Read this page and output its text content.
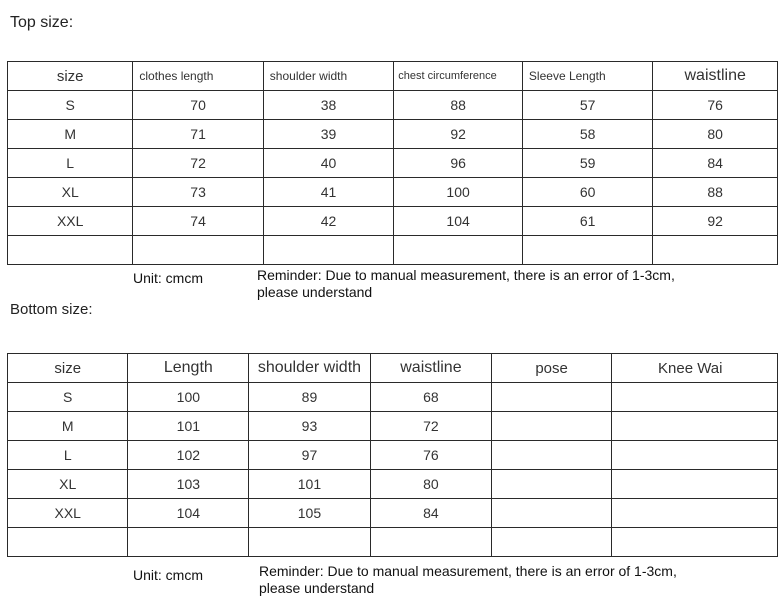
Top size:
size	clothes length	shoulder width	chest circumference	Sleeve Length	waistline
S	70	38	88	57	76
M	71	39	92	58	80
L	72	40	96	59	84
XL	73	41	100	60	88
XXL	74	42	104	61	92

Unit: cmcm	Reminder: Due to manual measurement, there is an error of 1-3cm, please understand
Bottom size:
size	Length	shoulder width	waistline	pose	Knee Wai
S	100	89	68		
M	101	93	72		
L	102	97	76		
XL	103	101	80		
XXL	104	105	84		

Unit: cmcm	Reminder: Due to manual measurement, there is an error of 1-3cm, please understand
